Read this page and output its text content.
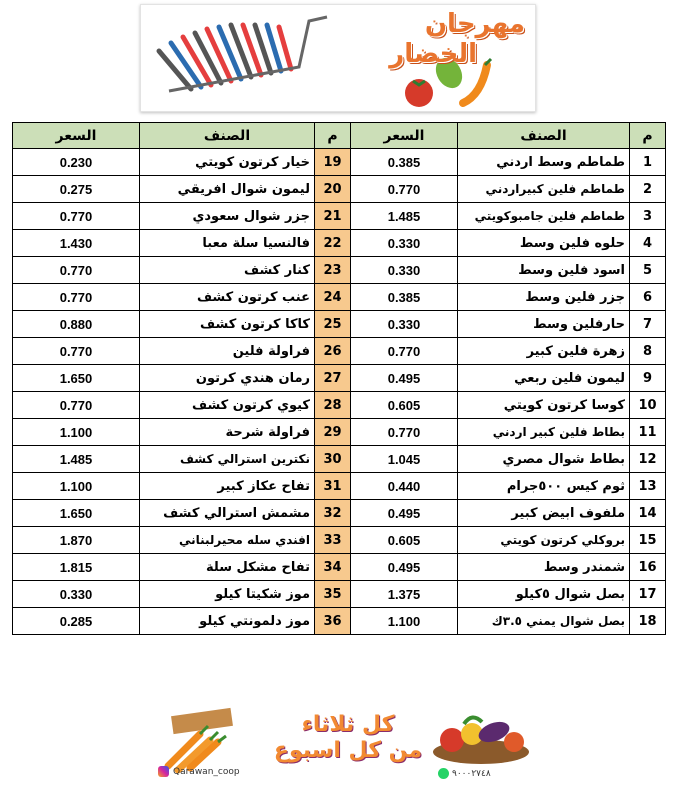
مهرجان
الخضار
السعر	الصنف	م	السعر	الصنف	م
0.230	خيار كرتون كويتي	19	0.385	طماطم وسط اردني	1
0.275	ليمون شوال افريقي	20	0.770	طماطم فلين كبيراردني	2
0.770	جزر شوال سعودي	21	1.485	طماطم فلين جامبوكويتي	3
1.430	فالنسيا سلة معبا	22	0.330	حلوه فلين وسط	4
0.770	كنار كشف	23	0.330	اسود فلين وسط	5
0.770	عنب كرتون كشف	24	0.385	جزر فلين وسط	6
0.880	كاكا كرتون كشف	25	0.330	حارفلين وسط	7
0.770	فراولة فلين	26	0.770	زهرة فلين كبير	8
1.650	رمان هندي كرتون	27	0.495	ليمون فلين ربعي	9
0.770	كيوي كرتون كشف	28	0.605	كوسا كرتون كويتي	10
1.100	فراولة شرحة	29	0.770	بطاط فلين كبير اردني	11
1.485	نكترين استرالي كشف	30	1.045	بطاط شوال مصري	12
1.100	تفاح عكاز كبير	31	0.440	ثوم كيس ٥٠٠جرام	13
1.650	مشمش استرالي كشف	32	0.495	ملفوف ابيض كبير	14
1.870	افندي سله محيرلبناني	33	0.605	بروكلي كرتون كويتي	15
1.815	تفاح مشكل سلة	34	0.495	شمندر وسط	16
0.330	موز شكيتا كيلو	35	1.375	بصل شوال ٥كيلو	17
0.285	موز دلمونتي كيلو	36	1.100	بصل شوال يمني ٣.٥ك	18
Qarawan_coop
كل ثلاثاء
من كل اسبوع
٩٠٠٠٢٧٤٨
